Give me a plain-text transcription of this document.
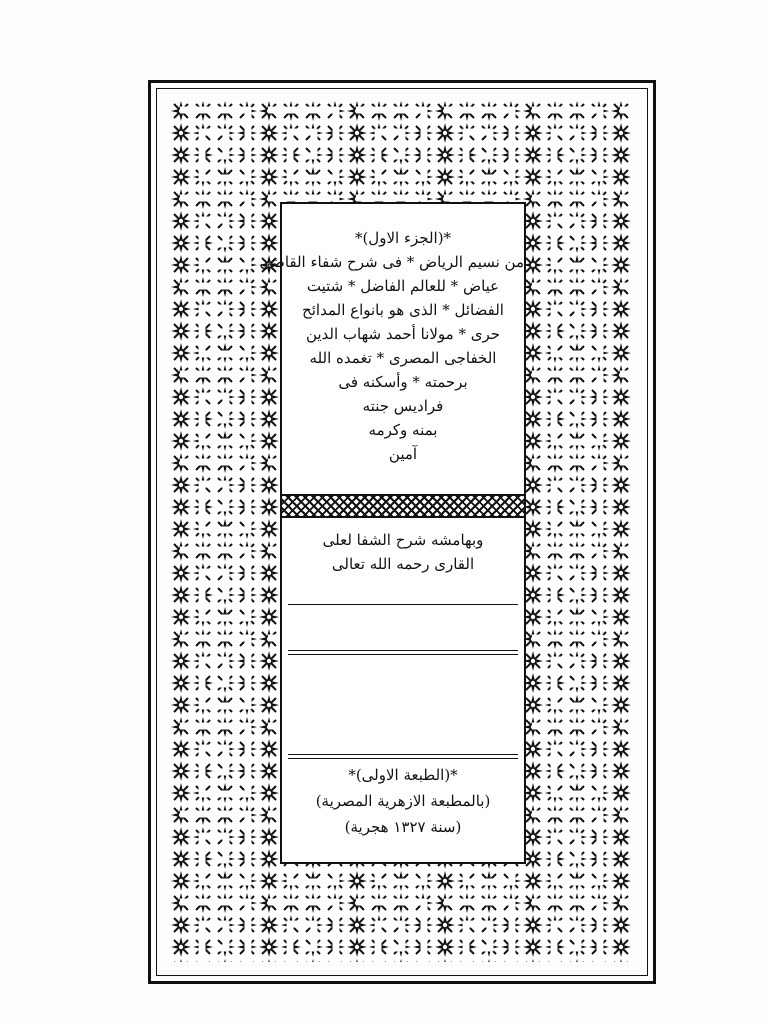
*(الجزء الاول)*
من نسيم الرياض * فى شرح شفاء القاضى
عياض * للعالم الفاضل * شتيت
الفضائل * الذى هو بانواع المدائح
حرى * مولانا أحمد شهاب الدين
الخفاجى المصرى * تغمده الله
برحمته * وأسكنه فى
فراديس جنته
بمنه وكرمه
آمين
وبهامشه شرح الشفا لعلى
القارى رحمه الله تعالى
*(الطبعة الاولى)*
(بالمطبعة الازهرية المصرية)
(سنة ١٣٢٧ هجرية)
